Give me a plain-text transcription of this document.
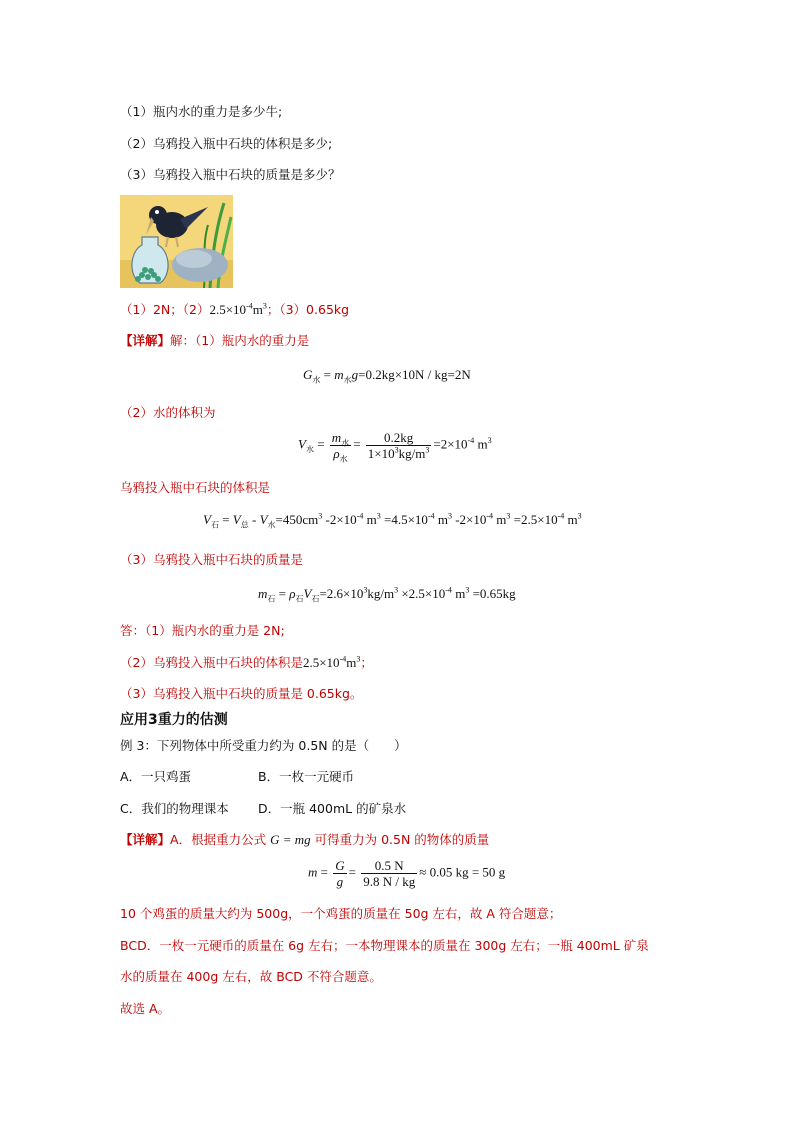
（1）瓶内水的重力是多少牛;
（2）乌鸦投入瓶中石块的体积是多少;
（3）乌鸦投入瓶中石块的质量是多少？
（1）2N；$(2)2.5\times 10^{-4}m^3$；（3）0.65kg
【详解】解：（1）瓶内水的重力是
$G_水 = m_水g=0.2kg\times 10N / kg=2N$
（2）水的体积为
$V_水 = \frac{m_水}{\rho_水} = \frac{0.2kg}{1\times 10^3kg/m^3} =2\times 10^{-4}$ $m^3$
乌鸦投入瓶中石块的体积是
$V_石 = V_总 - V_水=450cm^3$ $-2\times 10^{-4}$ $m^3 =4.5\times 10^{-4}$ $m^3$ $-2\times 10^{-4}$ $m^3 =2.5\times 10^{-4}$ $m^3$
（3）乌鸦投入瓶中石块的质量是
$m_石 = \rho_石V_石=2.6\times 10^3kg/m^3 \times 2.5\times 10^{-4}$ $m^3 =0.65kg$
答：（1）瓶内水的重力是 2N;
（2）乌鸦投入瓶中石块的体积是$2.5\times 10^{-4}m^3$；
（3）乌鸦投入瓶中石块的质量是 0.65kg。
应用3重力的估测
例 3：下列物体中所受重力约为 0.5N 的是（　　）
A．一只鸡蛋	B．一枚一元硬币
C．我们的物理课本 D．一瓶 400mL 的矿泉水
【详解】A．根据重力公式 G = mg 可得重力为 0.5N 的物体的质量
$m = \frac{G}{g} = \frac{0.5 N}{9.8 N / kg} \approx 0.05$ kg = 50 g
10 个鸡蛋的质量大约为 500g，一个鸡蛋的质量在 50g 左右，故 A 符合题意；
BCD．一枚一元硬币的质量在 6g 左右；一本物理课本的质量在 300g 左右；一瓶 400mL 矿泉
水的质量在 400g 左右，故 BCD 不符合题意。
故选 A。
